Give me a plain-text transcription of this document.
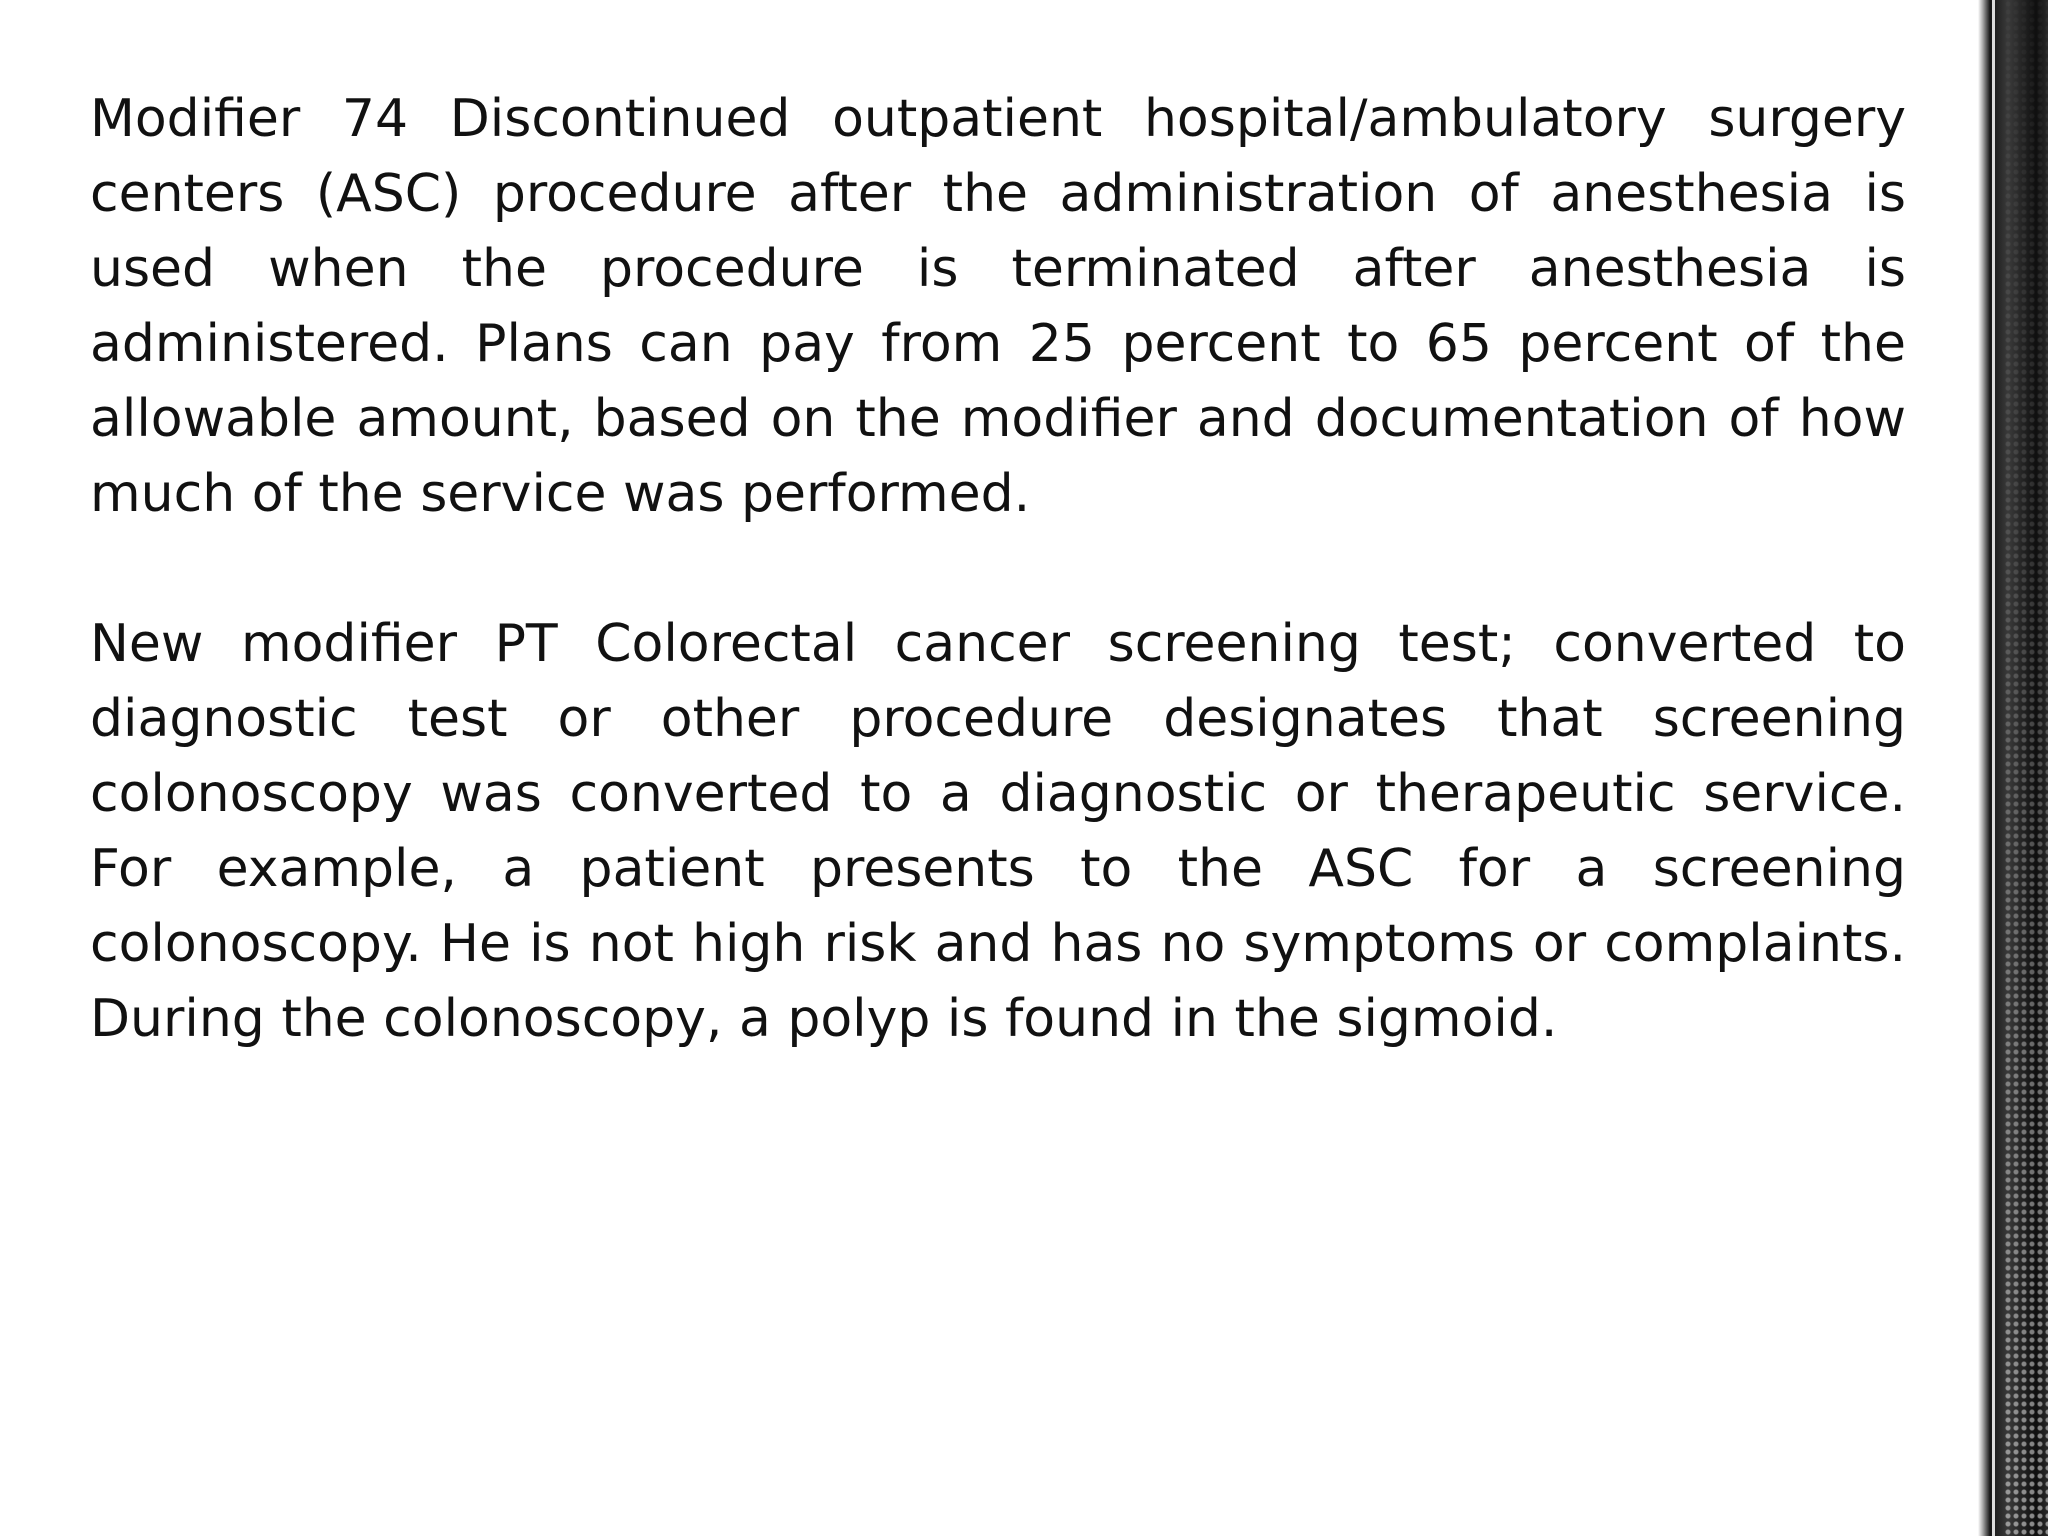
Modifier 74 Discontinued outpatient hospital/ambulatory surgery centers (ASC) procedure after the administration of anesthesia is used when the procedure is terminated after anesthesia is administered. Plans can pay from 25 percent to 65 percent of the allowable amount, based on the modifier and documentation of how much of the service was performed.

New modifier PT Colorectal cancer screening test; converted to diagnostic test or other procedure designates that screening colonoscopy was converted to a diagnostic or therapeutic service. For example, a patient presents to the ASC for a screening colonoscopy. He is not high risk and has no symptoms or complaints. During the colonoscopy, a polyp is found in the sigmoid.
